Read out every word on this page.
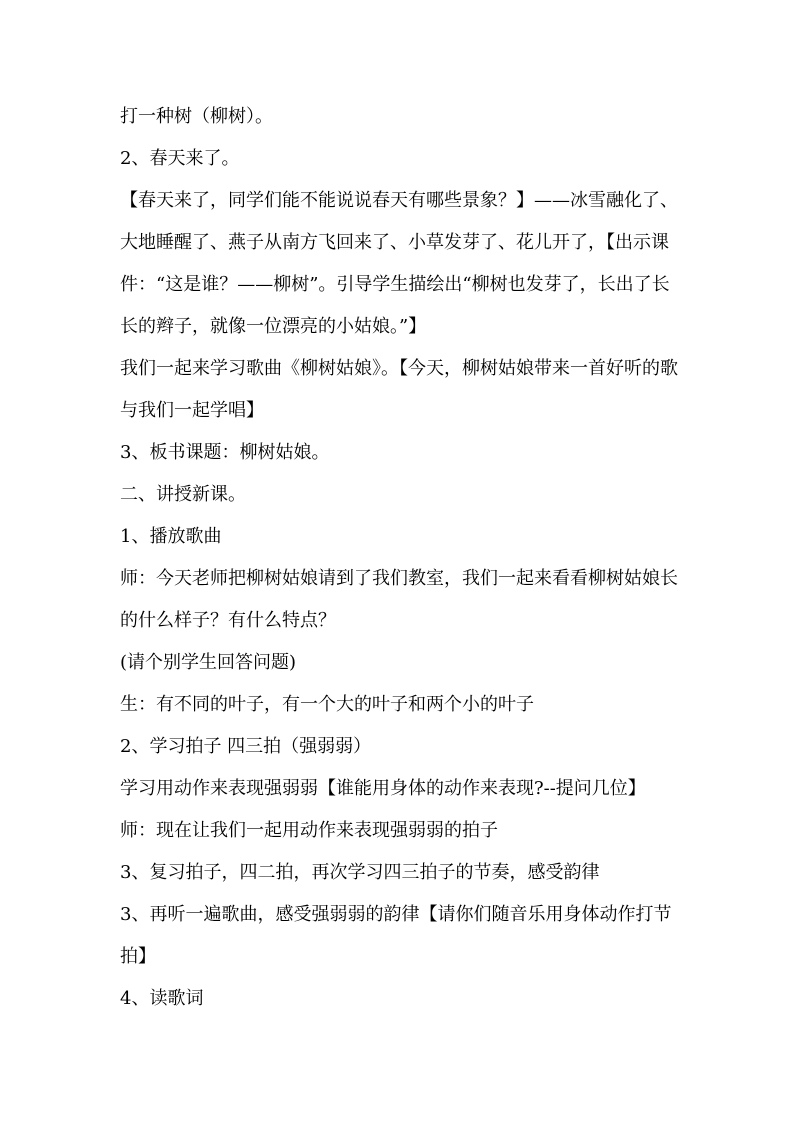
打一种树（柳树）。

2、春天来了。

【春天来了，同学们能不能说说春天有哪些景象？】——冰雪融化了、大地睡醒了、燕子从南方飞回来了、小草发芽了、花儿开了，【出示课件：“这是谁？——柳树”。引导学生描绘出“柳树也发芽了，长出了长长的辫子，就像一位漂亮的小姑娘。”】

我们一起来学习歌曲《柳树姑娘》。【今天，柳树姑娘带来一首好听的歌与我们一起学唱】

3、板书课题：柳树姑娘。

二、讲授新课。

1、播放歌曲

师：今天老师把柳树姑娘请到了我们教室，我们一起来看看柳树姑娘长的什么样子？有什么特点？

(请个别学生回答问题)

生：有不同的叶子，有一个大的叶子和两个小的叶子

2、学习拍子 四三拍（强弱弱）

学习用动作来表现强弱弱【谁能用身体的动作来表现?--提问几位】

师：现在让我们一起用动作来表现强弱弱的拍子

3、复习拍子，四二拍，再次学习四三拍子的节奏，感受韵律

3、再听一遍歌曲，感受强弱弱的韵律【请你们随音乐用身体动作打节拍】

4、读歌词
